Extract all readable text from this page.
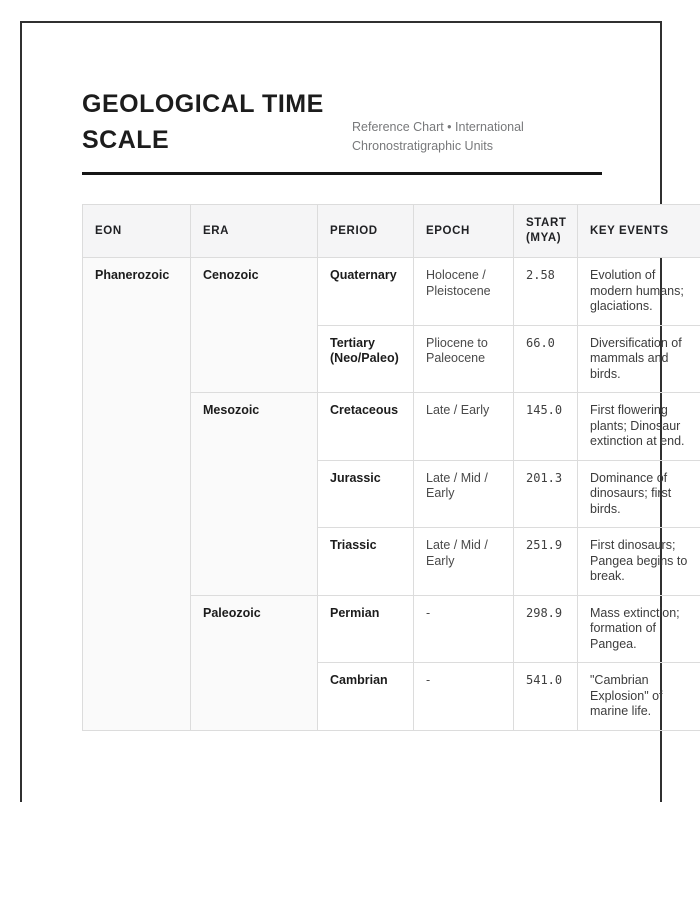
GEOLOGICAL TIME SCALE	Reference Chart • International Chronostratigraphic Units
EON	ERA	PERIOD	EPOCH	START (MYA)	KEY EVENTS
Phanerozoic	Cenozoic	Quaternary	Holocene / Pleistocene	2.58	Evolution of modern humans; glaciations.
		Tertiary (Neo/Paleo)	Pliocene to Paleocene	66.0	Diversification of mammals and birds.
	Mesozoic	Cretaceous	Late / Early	145.0	First flowering plants; Dinosaur extinction at end.
		Jurassic	Late / Mid / Early	201.3	Dominance of dinosaurs; first birds.
		Triassic	Late / Mid / Early	251.9	First dinosaurs; Pangea begins to break.
	Paleozoic	Permian	-	298.9	Mass extinction; formation of Pangea.
		Cambrian	-	541.0	"Cambrian Explosion" of marine life.
